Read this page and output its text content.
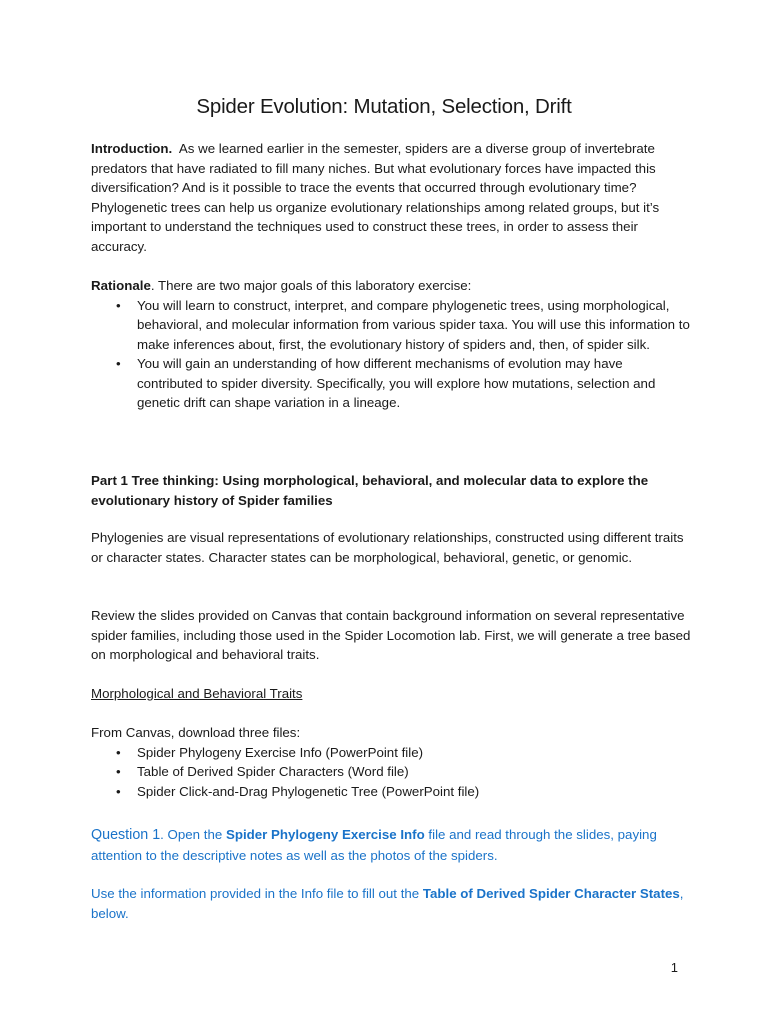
Spider Evolution: Mutation, Selection, Drift

Introduction. As we learned earlier in the semester, spiders are a diverse group of invertebrate predators that have radiated to fill many niches. But what evolutionary forces have impacted this diversification? And is it possible to trace the events that occurred through evolutionary time? Phylogenetic trees can help us organize evolutionary relationships among related groups, but it’s important to understand the techniques used to construct these trees, in order to assess their accuracy.

Rationale. There are two major goals of this laboratory exercise:

• You will learn to construct, interpret, and compare phylogenetic trees, using morphological, behavioral, and molecular information from various spider taxa. You will use this information to make inferences about, first, the evolutionary history of spiders and, then, of spider silk.
• You will gain an understanding of how different mechanisms of evolution may have contributed to spider diversity. Specifically, you will explore how mutations, selection and genetic drift can shape variation in a lineage.
Part 1 Tree thinking: Using morphological, behavioral, and molecular data to explore the evolutionary history of Spider families
Phylogenies are visual representations of evolutionary relationships, constructed using different traits or character states. Character states can be morphological, behavioral, genetic, or genomic.
Review the slides provided on Canvas that contain background information on several representative spider families, including those used in the Spider Locomotion lab. First, we will generate a tree based on morphological and behavioral traits.
Morphological and Behavioral Traits

From Canvas, download three files:

• Spider Phylogeny Exercise Info (PowerPoint file)
• Table of Derived Spider Characters (Word file)
• Spider Click-and-Drag Phylogenetic Tree (PowerPoint file)
Question 1. Open the Spider Phylogeny Exercise Info file and read through the slides, paying attention to the descriptive notes as well as the photos of the spiders.
Use the information provided in the Info file to fill out the Table of Derived Spider Character States, below.
1
